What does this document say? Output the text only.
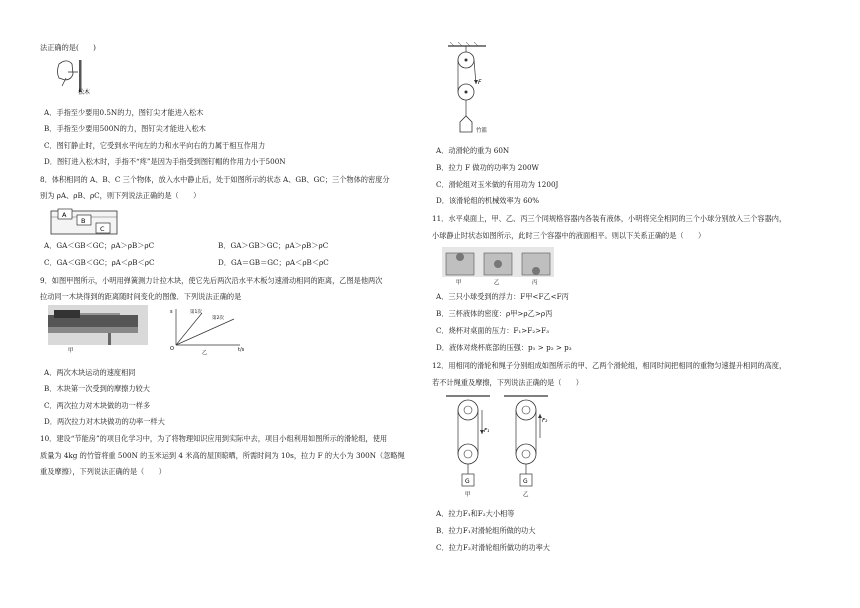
法正确的是(　　)
松木
A．手指至少要用0.5N的力，图钉尖才能进入松木
B．手指至少要用500N的力，图钉尖才能进入松木
C．图钉静止时，它受到水平向左的力和水平向右的力属于相互作用力
D．图钉进入松木时，手指不“疼”是因为手指受到图钉帽的作用力小于500N
8．体积相同的 A、B、C 三个物体，放入水中静止后，处于如图所示的状态 A、GB、GC；三个物体的密度分
别为 ρA、ρB、ρC，则下列说法正确的是（　　）
A
B
C
A．GA＜GB＜GC；ρA＞ρB＞ρC	B．GA＞GB＞GC；ρA＞ρB＞ρC
C．GA＜GB＜GC；ρA＜ρB＜ρC	D．GA＝GB＝GC；ρA＜ρB＜ρC
9．如图甲图所示，小明用弹簧测力计拉木块，使它先后两次沿水平木板匀速滑动相同的距离，乙图是他两次
拉动同一木块得到的距离随时间变化的图像．下列说法正确的是
甲
s
O	t/s
第1次
第2次
乙
A．两次木块运动的速度相同
B．木块第一次受到的摩擦力较大
C．两次拉力对木块做的功一样多
D．两次拉力对木块做功的功率一样大
10．建设“节能房”的项目化学习中，为了将物理知识应用到实际中去，项目小组利用如图所示的滑轮组，使用
质量为 4kg 的竹管将重 500N 的玉米运到 4 米高的屋顶晾晒，所需时间为 10s，拉力 F 的大小为 300N（忽略绳
重及摩擦），下列说法正确的是（　　）
F
竹篮
A．动滑轮的重为 60N
B．拉力 F 做功的功率为 200W
C．滑轮组对玉米做的有用功为 1200J
D．该滑轮组的机械效率为 60%
11．水平桌面上，甲、乙、丙三个同规格容器内各装有液体，小明将完全相同的三个小球分别放入三个容器内，
小球静止时状态如图所示，此时三个容器中的液面相平。则以下关系正确的是（　　）
甲	乙	丙
A．三只小球受到的浮力：F甲<F乙<F丙
B．三杯液体的密度：ρ甲>ρ乙>ρ丙
C．烧杯对桌面的压力：F₁>F₂>F₃
D．液体对烧杯底部的压强：p₁ > p₂ > p₃
12．用相同的滑轮和绳子分别组成如图所示的甲、乙两个滑轮组，相同时间把相同的重物匀速提升相同的高度，
若不计绳重及摩擦，下列说法正确的是（　　）
F₁
G
甲
F₂
G
乙
A．拉力F₁和F₂大小相等
B．拉力F₁对滑轮组所做的功大
C．拉力F₂对滑轮组所做功的功率大
